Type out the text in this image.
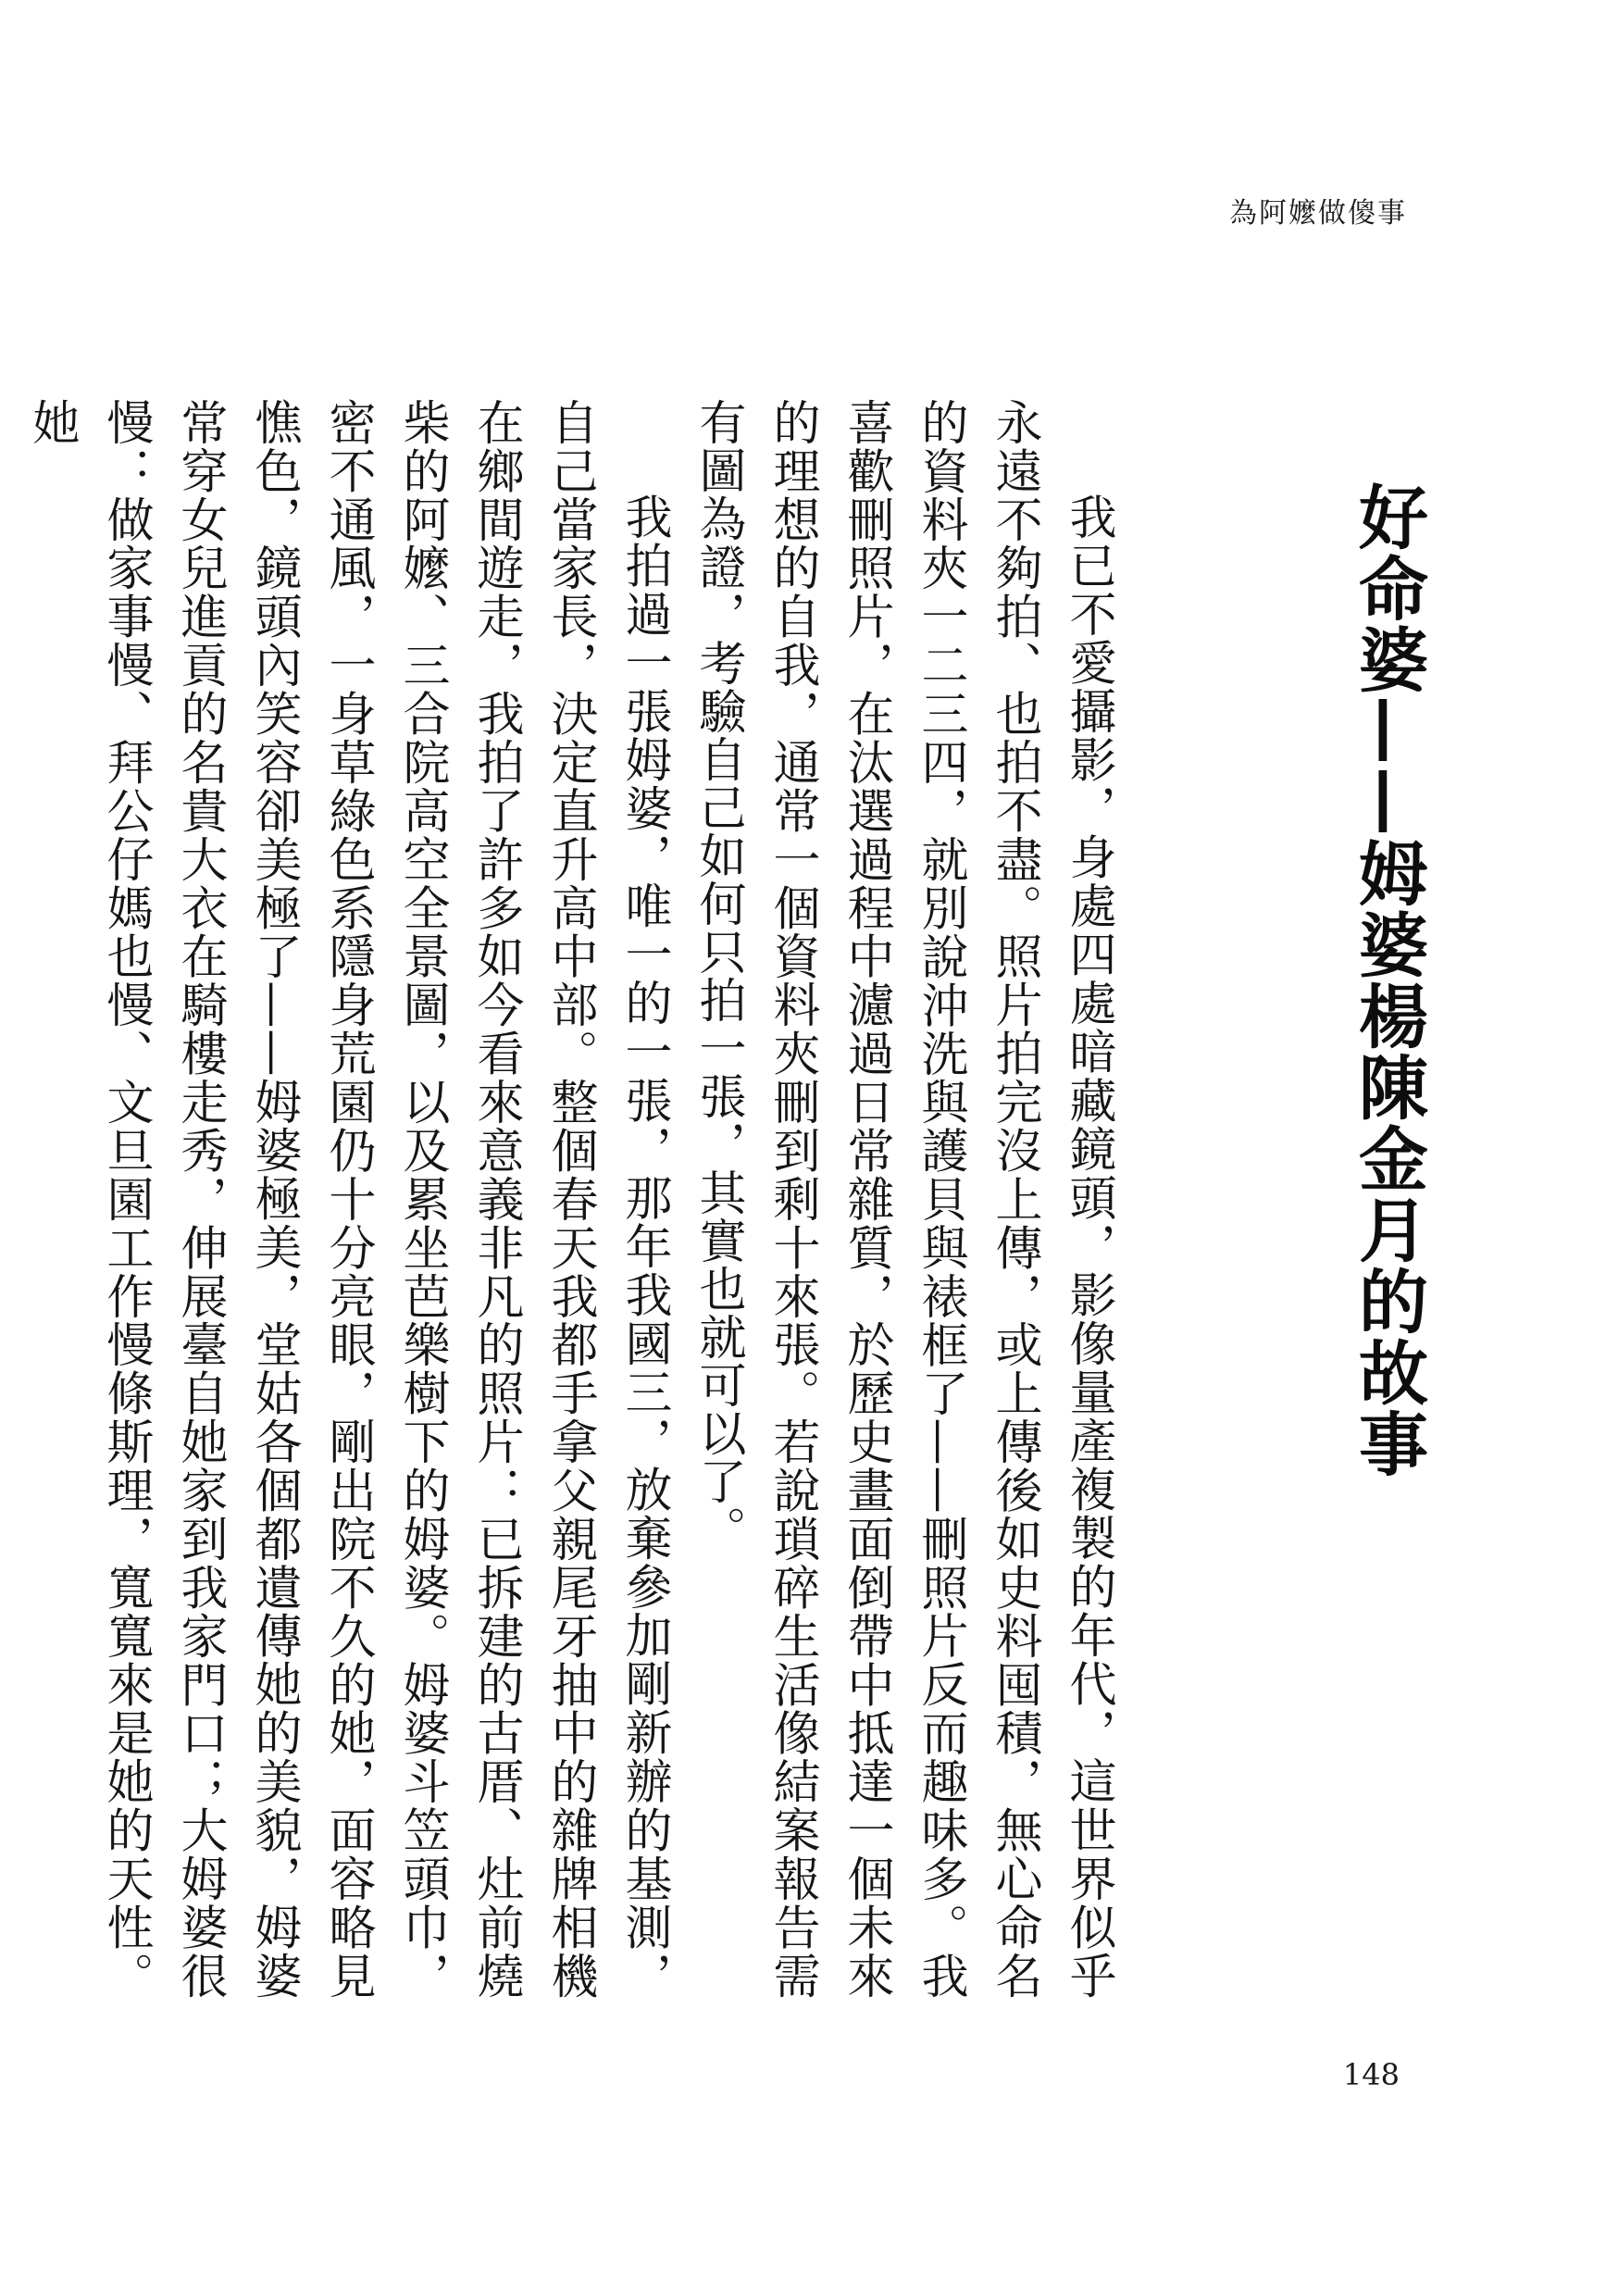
為阿嬤做傻事
好命婆——姆婆楊陳金月的故事

我已不愛攝影，身處四處暗藏鏡頭，影像量產複製的年代，這世界似乎永遠不夠拍、也拍不盡。照片拍完沒上傳，或上傳後如史料囤積，無心命名的資料夾一二三四，就別說沖洗與護貝與裱框了——刪照片反而趣味多。我喜歡刪照片，在汰選過程中濾過日常雜質，於歷史畫面倒帶中抵達一個未來的理想的自我，通常一個資料夾刪到剩十來張。若說瑣碎生活像結案報告需有圖為證，考驗自己如何只拍一張，其實也就可以了。

我拍過一張姆婆，唯一的一張，那年我國三，放棄參加剛新辦的基測，自己當家長，決定直升高中部。整個春天我都手拿父親尾牙抽中的雜牌相機在鄉間遊走，我拍了許多如今看來意義非凡的照片：已拆建的古厝、灶前燒柴的阿嬤、三合院高空全景圖，以及累坐芭樂樹下的姆婆。姆婆斗笠頭巾，密不通風，一身草綠色系隱身荒園仍十分亮眼，剛出院不久的她，面容略見憔色，鏡頭內笑容卻美極了——姆婆極美，堂姑各個都遺傳她的美貌，姆婆常穿女兒進貢的名貴大衣在騎樓走秀，伸展臺自她家到我家門口；大姆婆很慢：做家事慢、拜公仔媽也慢、文旦園工作慢條斯理，寬寬來是她的天性。她

148
